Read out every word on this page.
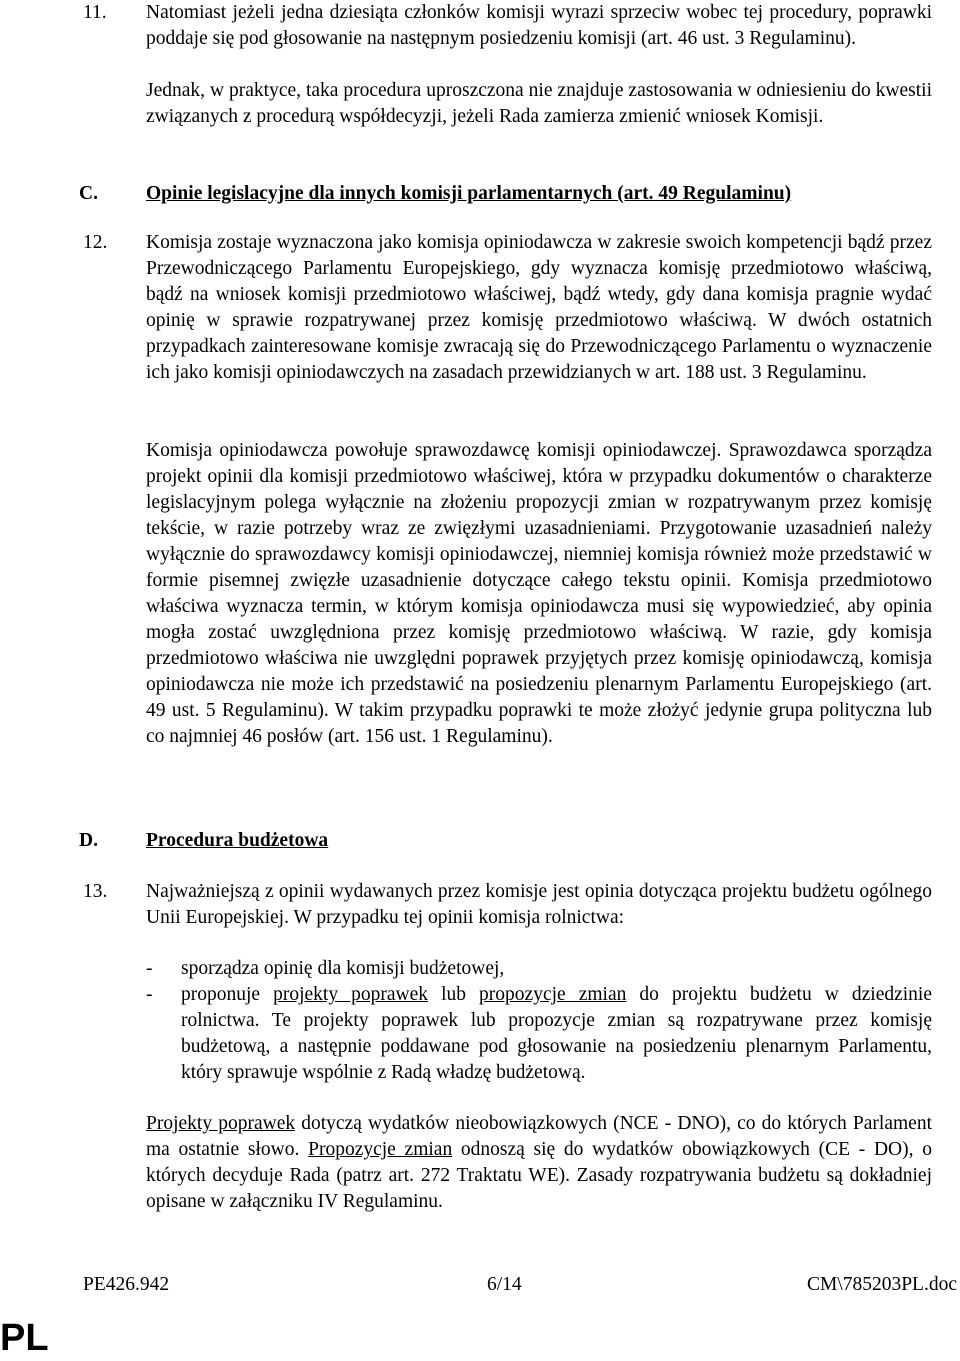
11. Natomiast jeżeli jedna dziesiąta członków komisji wyrazi sprzeciw wobec tej procedury, poprawki poddaje się pod głosowanie na następnym posiedzeniu komisji (art. 46 ust. 3 Regulaminu).
Jednak, w praktyce, taka procedura uproszczona nie znajduje zastosowania w odniesieniu do kwestii związanych z procedurą współdecyzji, jeżeli Rada zamierza zmienić wniosek Komisji.
C. Opinie legislacyjne dla innych komisji parlamentarnych (art. 49 Regulaminu)
12. Komisja zostaje wyznaczona jako komisja opiniodawcza w zakresie swoich kompetencji bądź przez Przewodniczącego Parlamentu Europejskiego, gdy wyznacza komisję przedmiotowo właściwą, bądź na wniosek komisji przedmiotowo właściwej, bądź wtedy, gdy dana komisja pragnie wydać opinię w sprawie rozpatrywanej przez komisję przedmiotowo właściwą. W dwóch ostatnich przypadkach zainteresowane komisje zwracają się do Przewodniczącego Parlamentu o wyznaczenie ich jako komisji opiniodawczych na zasadach przewidzianych w art. 188 ust. 3 Regulaminu.
Komisja opiniodawcza powołuje sprawozdawcę komisji opiniodawczej. Sprawozdawca sporządza projekt opinii dla komisji przedmiotowo właściwej, która w przypadku dokumentów o charakterze legislacyjnym polega wyłącznie na złożeniu propozycji zmian w rozpatrywanym przez komisję tekście, w razie potrzeby wraz ze zwięzłymi uzasadnieniami. Przygotowanie uzasadnień należy wyłącznie do sprawozdawcy komisji opiniodawczej, niemniej komisja również może przedstawić w formie pisemnej zwięzłe uzasadnienie dotyczące całego tekstu opinii. Komisja przedmiotowo właściwa wyznacza termin, w którym komisja opiniodawcza musi się wypowiedzieć, aby opinia mogła zostać uwzględniona przez komisję przedmiotowo właściwą. W razie, gdy komisja przedmiotowo właściwa nie uwzględni poprawek przyjętych przez komisję opiniodawczą, komisja opiniodawcza nie może ich przedstawić na posiedzeniu plenarnym Parlamentu Europejskiego (art. 49 ust. 5 Regulaminu). W takim przypadku poprawki te może złożyć jedynie grupa polityczna lub co najmniej 46 posłów (art. 156 ust. 1 Regulaminu).
D. Procedura budżetowa
13. Najważniejszą z opinii wydawanych przez komisje jest opinia dotycząca projektu budżetu ogólnego Unii Europejskiej. W przypadku tej opinii komisja rolnictwa:
- sporządza opinię dla komisji budżetowej,
- proponuje projekty poprawek lub propozycje zmian do projektu budżetu w dziedzinie rolnictwa. Te projekty poprawek lub propozycje zmian są rozpatrywane przez komisję budżetową, a następnie poddawane pod głosowanie na posiedzeniu plenarnym Parlamentu, który sprawuje wspólnie z Radą władzę budżetową.
Projekty poprawek dotyczą wydatków nieobowiązkowych (NCE - DNO), co do których Parlament ma ostatnie słowo. Propozycje zmian odnoszą się do wydatków obowiązkowych (CE - DO), o których decyduje Rada (patrz art. 272 Traktatu WE). Zasady rozpatrywania budżetu są dokładniej opisane w załączniku IV Regulaminu.
PE426.942	6/14	CM\785203PL.doc
PL
